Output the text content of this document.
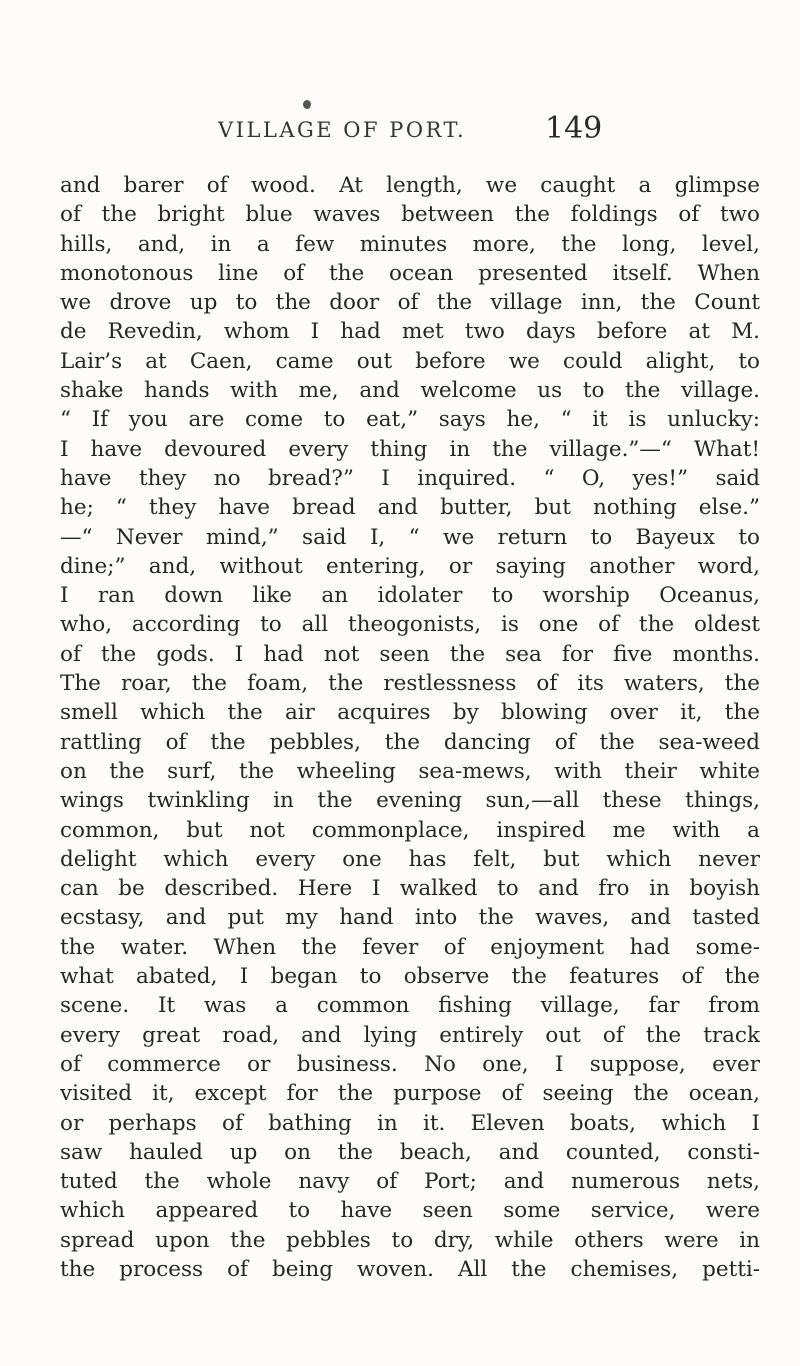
VILLAGE OF PORT.	149
and barer of wood. At length, we caught a glimpse
of the bright blue waves between the foldings of two
hills, and, in a few minutes more, the long, level,
monotonous line of the ocean presented itself. When
we drove up to the door of the village inn, the Count
de Revedin, whom I had met two days before at M.
Lair’s at Caen, came out before we could alight, to
shake hands with me, and welcome us to the village.
“ If you are come to eat,” says he, “ it is unlucky:
I have devoured every thing in the village.”—“ What!
have they no bread?” I inquired. “ O, yes!” said
he; “ they have bread and butter, but nothing else.”
—“ Never mind,” said I, “ we return to Bayeux to
dine;” and, without entering, or saying another word,
I ran down like an idolater to worship Oceanus,
who, according to all theogonists, is one of the oldest
of the gods. I had not seen the sea for five months.
The roar, the foam, the restlessness of its waters, the
smell which the air acquires by blowing over it, the
rattling of the pebbles, the dancing of the sea-weed
on the surf, the wheeling sea-mews, with their white
wings twinkling in the evening sun,—all these things,
common, but not commonplace, inspired me with a
delight which every one has felt, but which never
can be described. Here I walked to and fro in boyish
ecstasy, and put my hand into the waves, and tasted
the water. When the fever of enjoyment had some-
what abated, I began to observe the features of the
scene. It was a common fishing village, far from
every great road, and lying entirely out of the track
of commerce or business. No one, I suppose, ever
visited it, except for the purpose of seeing the ocean,
or perhaps of bathing in it. Eleven boats, which I
saw hauled up on the beach, and counted, consti-
tuted the whole navy of Port; and numerous nets,
which appeared to have seen some service, were
spread upon the pebbles to dry, while others were in
the process of being woven. All the chemises, petti-
